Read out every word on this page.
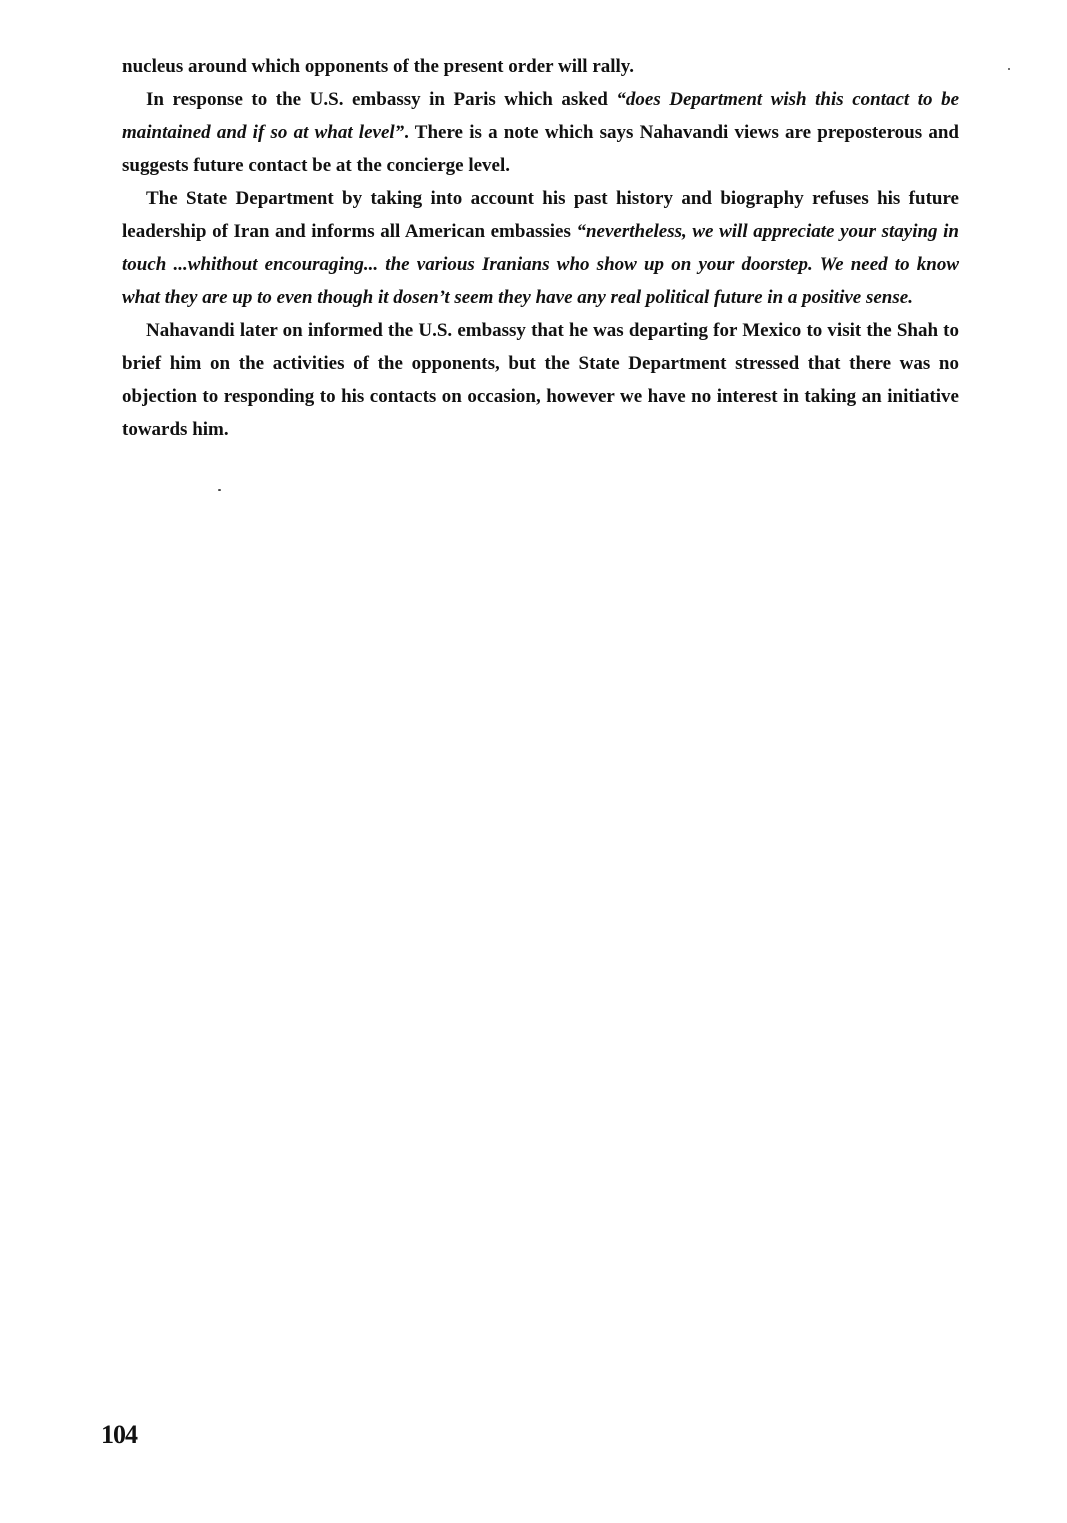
nucleus around which opponents of the present order will rally.

In response to the U.S. embassy in Paris which asked “does Department wish this contact to be maintained and if so at what level”. There is a note which says Nahavandi views are preposterous and suggests future contact be at the concierge level.

The State Department by taking into account his past history and biography refuses his future leadership of Iran and informs all American embassies “nevertheless, we will appreciate your staying in touch ...whithout encouraging... the various Iranians who show up on your doorstep. We need to know what they are up to even though it dosen’t seem they have any real political future in a positive sense.

Nahavandi later on informed the U.S. embassy that he was departing for Mexico to visit the Shah to brief him on the activities of the opponents, but the State Department stressed that there was no objection to responding to his contacts on occasion, however we have no interest in taking an initiative towards him.

104
